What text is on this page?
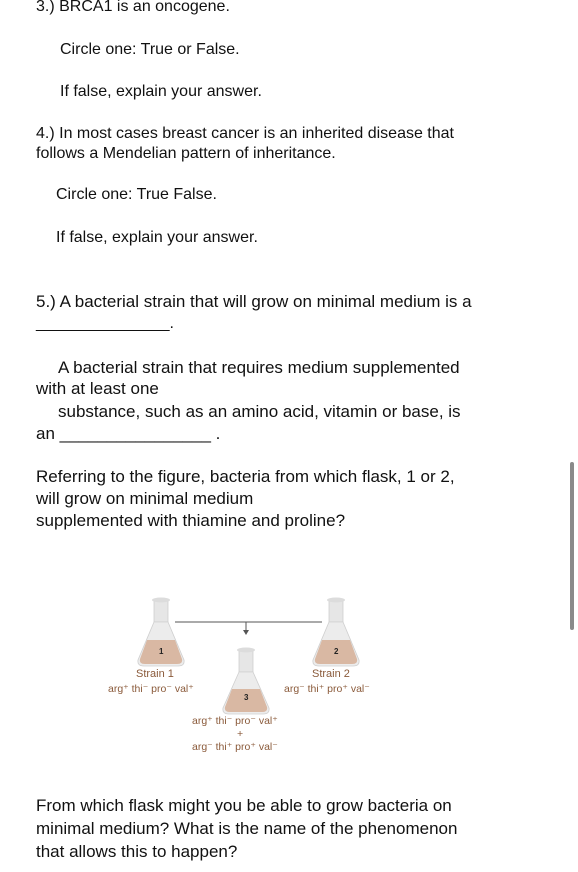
3.) BRCA1 is an oncogene.
Circle one: True or False.
If false, explain your answer.
4.) In most cases breast cancer is an inherited disease that
follows a Mendelian pattern of inheritance.
Circle one: True False.
If false, explain your answer.
5.) A bacterial strain that will grow on minimal medium is a
_______________.
A bacterial strain that requires medium supplemented
with at least one
substance, such as an amino acid, vitamin or base, is
an ________________ .
Referring to the figure, bacteria from which flask, 1 or 2,
will grow on minimal medium
supplemented with thiamine and proline?
1	2
3
Strain 1
arg⁺ thi⁻ pro⁻ val⁺
Strain 2
arg⁻ thi⁺ pro⁺ val⁻
arg⁺ thi⁻ pro⁻ val⁺
+
arg⁻ thi⁺ pro⁺ val⁻
From which flask might you be able to grow bacteria on
minimal medium? What is the name of the phenomenon
that allows this to happen?
